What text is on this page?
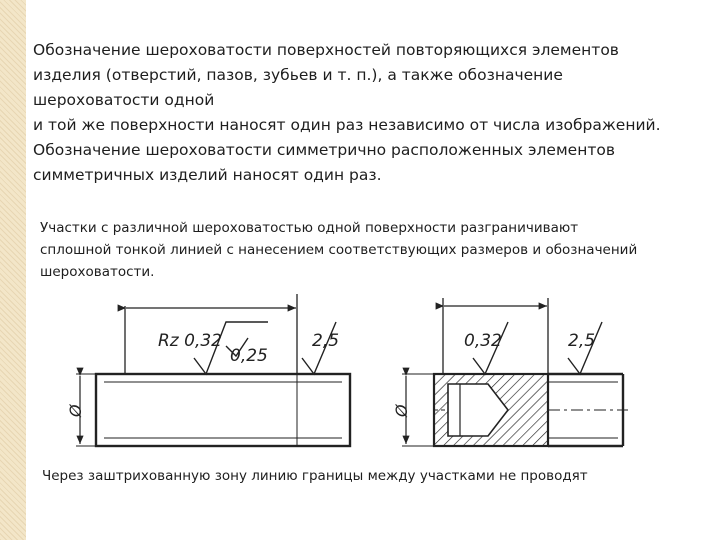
Обозначение шероховатости поверхностей повторяющихся элементов
изделия (отверстий, пазов, зубьев и т. п.), а также обозначение
шероховатости одной
и той же поверхности наносят один раз независимо от числа изображений.
Обозначение шероховатости симметрично расположенных элементов
симметричных изделий наносят один раз.
Участки с различной шероховатостью одной поверхности разграничивают
сплошной тонкой линией с нанесением соответствующих размеров и обозначений
шероховатости.
Rz 0,32
0,25
2,5
Ø
0,32	2,5
Ø
Через заштрихованную зону линию границы между участками не проводят
